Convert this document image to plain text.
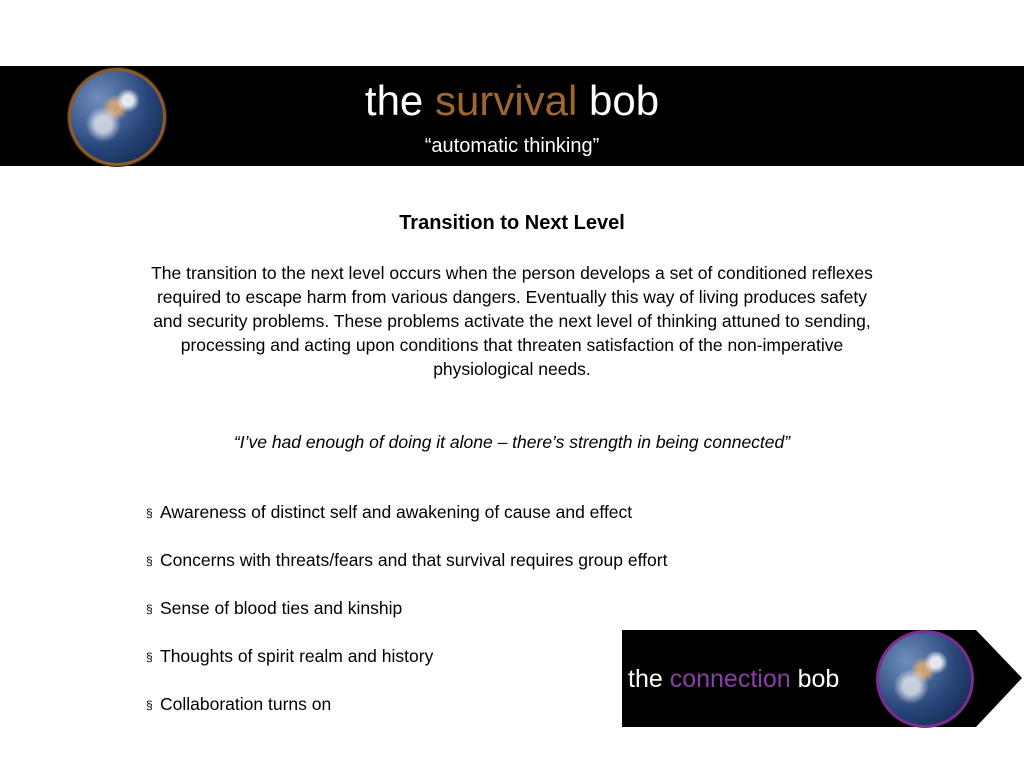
the survival bob
“automatic thinking”
Transition to Next Level
The transition to the next level occurs when the person develops a set of conditioned reflexes required to escape harm from various dangers. Eventually this way of living produces safety and security problems. These problems activate the next level of thinking attuned to sending, processing and acting upon conditions that threaten satisfaction of the non-imperative physiological needs.
“I’ve had enough of doing it alone – there’s strength in being connected”
§ Awareness of distinct self and awakening of cause and effect
§ Concerns with threats/fears and that survival requires group effort
§ Sense of blood ties and kinship
§ Thoughts of spirit realm and history
§ Collaboration turns on
the connection bob
